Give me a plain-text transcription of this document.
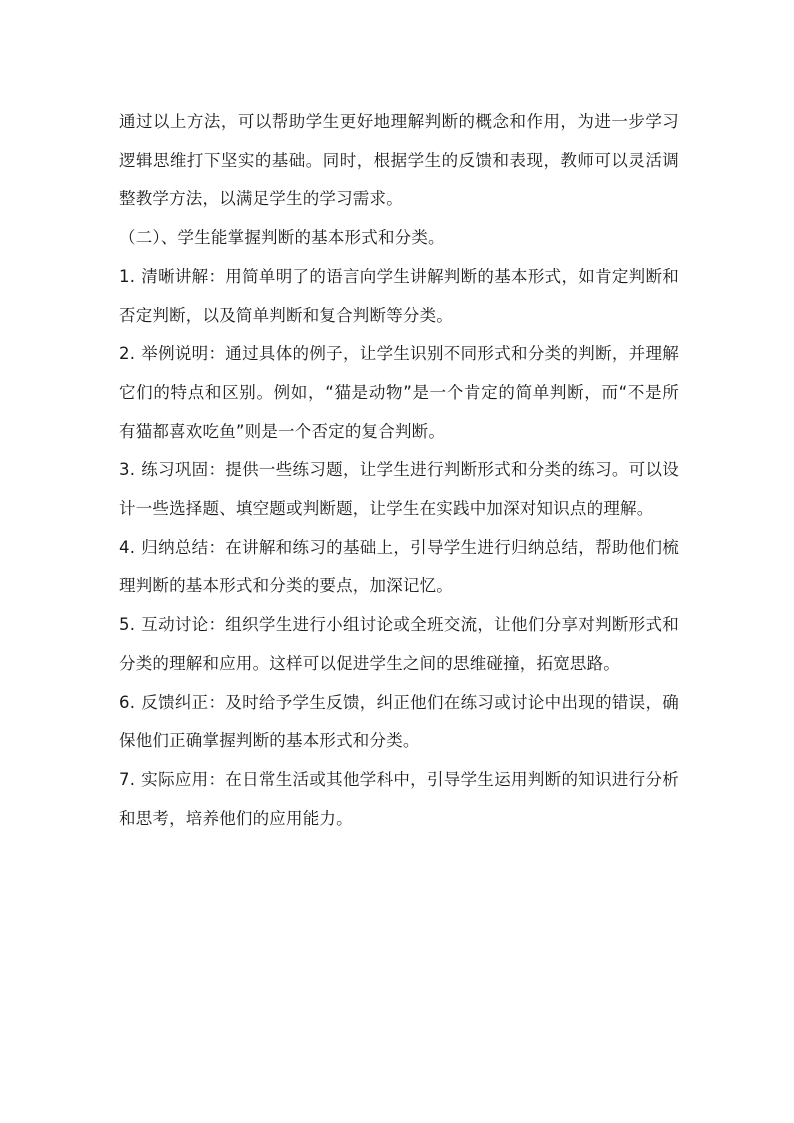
通过以上方法，可以帮助学生更好地理解判断的概念和作用，为进一步学习逻辑思维打下坚实的基础。同时，根据学生的反馈和表现，教师可以灵活调整教学方法，以满足学生的学习需求。

（二）、学生能掌握判断的基本形式和分类。

1. 清晰讲解：用简单明了的语言向学生讲解判断的基本形式，如肯定判断和否定判断，以及简单判断和复合判断等分类。

2. 举例说明：通过具体的例子，让学生识别不同形式和分类的判断，并理解它们的特点和区别。例如，“猫是动物”是一个肯定的简单判断，而“不是所有猫都喜欢吃鱼”则是一个否定的复合判断。

3. 练习巩固：提供一些练习题，让学生进行判断形式和分类的练习。可以设计一些选择题、填空题或判断题，让学生在实践中加深对知识点的理解。

4. 归纳总结：在讲解和练习的基础上，引导学生进行归纳总结，帮助他们梳理判断的基本形式和分类的要点，加深记忆。

5. 互动讨论：组织学生进行小组讨论或全班交流，让他们分享对判断形式和分类的理解和应用。这样可以促进学生之间的思维碰撞，拓宽思路。

6. 反馈纠正：及时给予学生反馈，纠正他们在练习或讨论中出现的错误，确保他们正确掌握判断的基本形式和分类。

7. 实际应用：在日常生活或其他学科中，引导学生运用判断的知识进行分析和思考，培养他们的应用能力。
